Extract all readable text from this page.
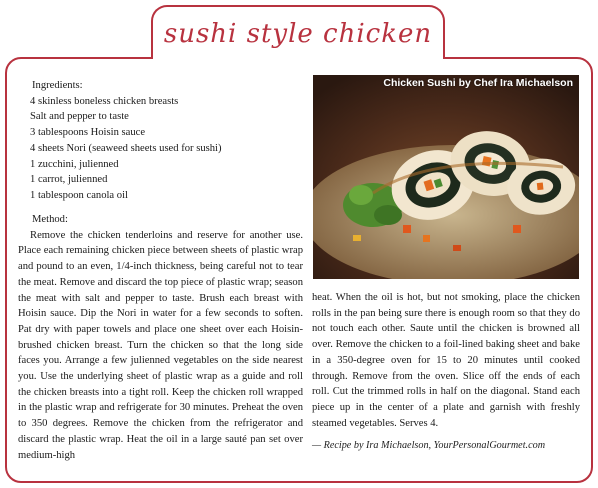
sushi style chicken
Ingredients:
4 skinless boneless chicken breasts
Salt and pepper to taste
3 tablespoons Hoisin sauce
4 sheets Nori (seaweed sheets used for sushi)
1 zucchini, julienned
1 carrot, julienned
1 tablespoon canola oil
Method:

Remove the chicken tenderloins and reserve for another use. Place each remaining chicken piece between sheets of plastic wrap and pound to an even, 1/4-inch thickness, being careful not to tear the meat. Remove and discard the top piece of plastic wrap; season the meat with salt and pepper to taste. Brush each breast with Hoisin sauce. Dip the Nori in water for a few seconds to soften. Pat dry with paper towels and place one sheet over each Hoisin-brushed chicken breast. Turn the chicken so that the long side faces you. Arrange a few julienned vegetables on the side nearest you. Use the underlying sheet of plastic wrap as a guide and roll the chicken breasts into a tight roll. Keep the chicken roll wrapped in the plastic wrap and refrigerate for 30 minutes. Preheat the oven to 350 degrees. Remove the chicken from the refrigerator and discard the plastic wrap. Heat the oil in a large sauté pan set over medium-high

Chicken Sushi by Chef Ira Michaelson

heat. When the oil is hot, but not smoking, place the chicken rolls in the pan being sure there is enough room so that they do not touch each other. Saute until the chicken is browned all over. Remove the chicken to a foil-lined baking sheet and bake in a 350-degree oven for 15 to 20 minutes until cooked through. Remove from the oven. Slice off the ends of each roll. Cut the trimmed rolls in half on the diagonal. Stand each piece up in the center of a plate and garnish with freshly steamed vegetables. Serves 4.

— Recipe by Ira Michaelson, YourPersonalGourmet.com
